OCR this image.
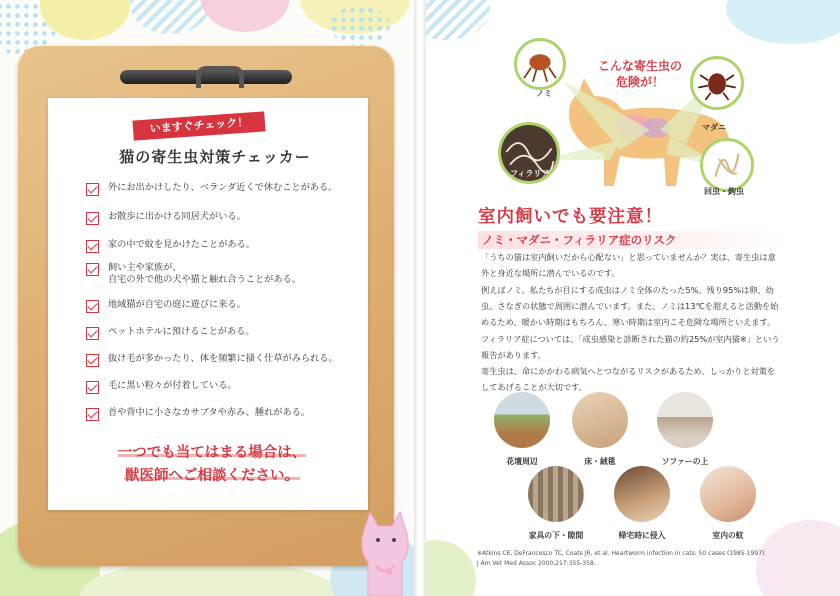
いますぐチェック！
猫の寄生虫対策チェッカー
外にお出かけしたり、ベランダ近くで休むことがある。
お散歩に出かける同居犬がいる。
家の中で蚊を見かけたことがある。
飼い主や家族が、
自宅の外で他の犬や猫と触れ合うことがある。
地域猫が自宅の庭に遊びに来る。
ペットホテルに預けることがある。
抜け毛が多かったり、体を頻繁に掻く仕草がみられる。
毛に黒い粒々が付着している。
首や背中に小さなカサブタや赤み、腫れがある。
一つでも当てはまる場合は、
獣医師へご相談ください。
ノミ
こんな寄生虫の
危険が！
マダニ
フィラリア
回虫・鉤虫
室内飼いでも要注意！
ノミ・マダニ・フィラリア症のリスク
「うちの猫は室内飼いだから心配ない」と思っていませんか？実は、寄生虫は意
外と身近な場所に潜んでいるのです。
例えばノミ。私たちが目にする成虫はノミ全体のたった5%。残り95%は卵、幼
虫、さなぎの状態で周囲に潜んでいます。また、ノミは13℃を超えると活動を始
めるため、暖かい時期はもちろん、寒い時期は室内こそ危険な場所といえます。
フィラリア症については、「成虫感染と診断された猫の約25%が室内猫※」という
報告があります。
寄生虫は、命にかかわる病気へとつながるリスクがあるため、しっかりと対策を
してあげることが大切です。
花壇周辺	床・絨毯	ソファーの上
家具の下・隙間	帰宅時に侵入	室内の蚊
※Atkins CE, DeFrancesco TC, Coats JR, et al. Heartworm infection in cats: 50 cases (1985-1997).
J Am Vet Med Assoc 2000;217:355-358.
